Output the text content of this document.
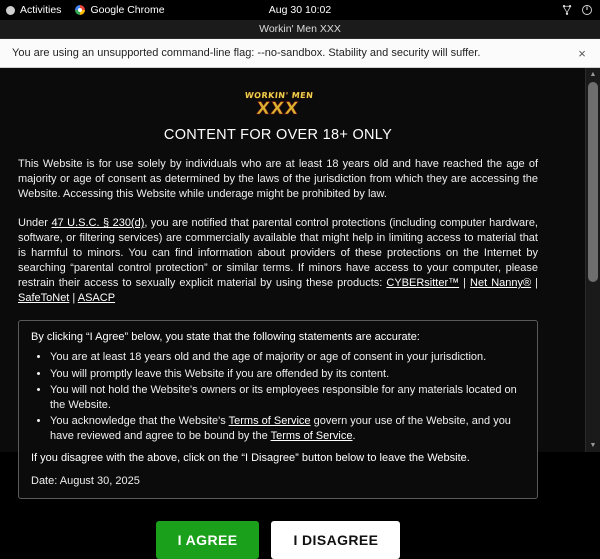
Activities	Google Chrome	Aug 30 10:02
Workin' Men XXX
You are using an unsupported command-line flag: --no-sandbox. Stability and security will suffer.	×
WORKIN' MEN
XXX
CONTENT FOR OVER 18+ ONLY

This Website is for use solely by individuals who are at least 18 years old and have reached the age of majority or age of consent as determined by the laws of the jurisdiction from which they are accessing the Website. Accessing this Website while underage might be prohibited by law.

Under 47 U.S.C. § 230(d), you are notified that parental control protections (including computer hardware, software, or filtering services) are commercially available that might help in limiting access to material that is harmful to minors. You can find information about providers of these protections on the Internet by searching “parental control protection” or similar terms. If minors have access to your computer, please restrain their access to sexually explicit material by using these products: CYBERsitter™ | Net Nanny® | SafeToNet | ASACP

By clicking “I Agree” below, you state that the following statements are accurate:

• You are at least 18 years old and the age of majority or age of consent in your jurisdiction.
• You will promptly leave this Website if you are offended by its content.
• You will not hold the Website's owners or its employees responsible for any materials located on the Website.
• You acknowledge that the Website's Terms of Service govern your use of the Website, and you have reviewed and agree to be bound by the Terms of Service.

If you disagree with the above, click on the “I Disagree” button below to leave the Website.

Date: August 30, 2025

I AGREE	I DISAGREE
▲
▼
